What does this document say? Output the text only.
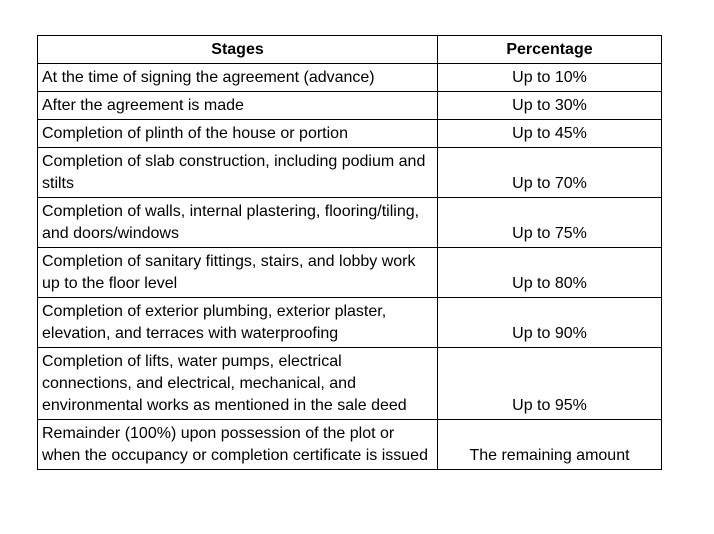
Stages	Percentage
At the time of signing the agreement (advance)	Up to 10%
After the agreement is made	Up to 30%
Completion of plinth of the house or portion	Up to 45%
Completion of slab construction, including podium and stilts	Up to 70%
Completion of walls, internal plastering, flooring/tiling, and doors/windows	Up to 75%
Completion of sanitary fittings, stairs, and lobby work up to the floor level	Up to 80%
Completion of exterior plumbing, exterior plaster, elevation, and terraces with waterproofing	Up to 90%
Completion of lifts, water pumps, electrical connections, and electrical, mechanical, and environmental works as mentioned in the sale deed	Up to 95%
Remainder (100%) upon possession of the plot or when the occupancy or completion certificate is issued	The remaining amount
